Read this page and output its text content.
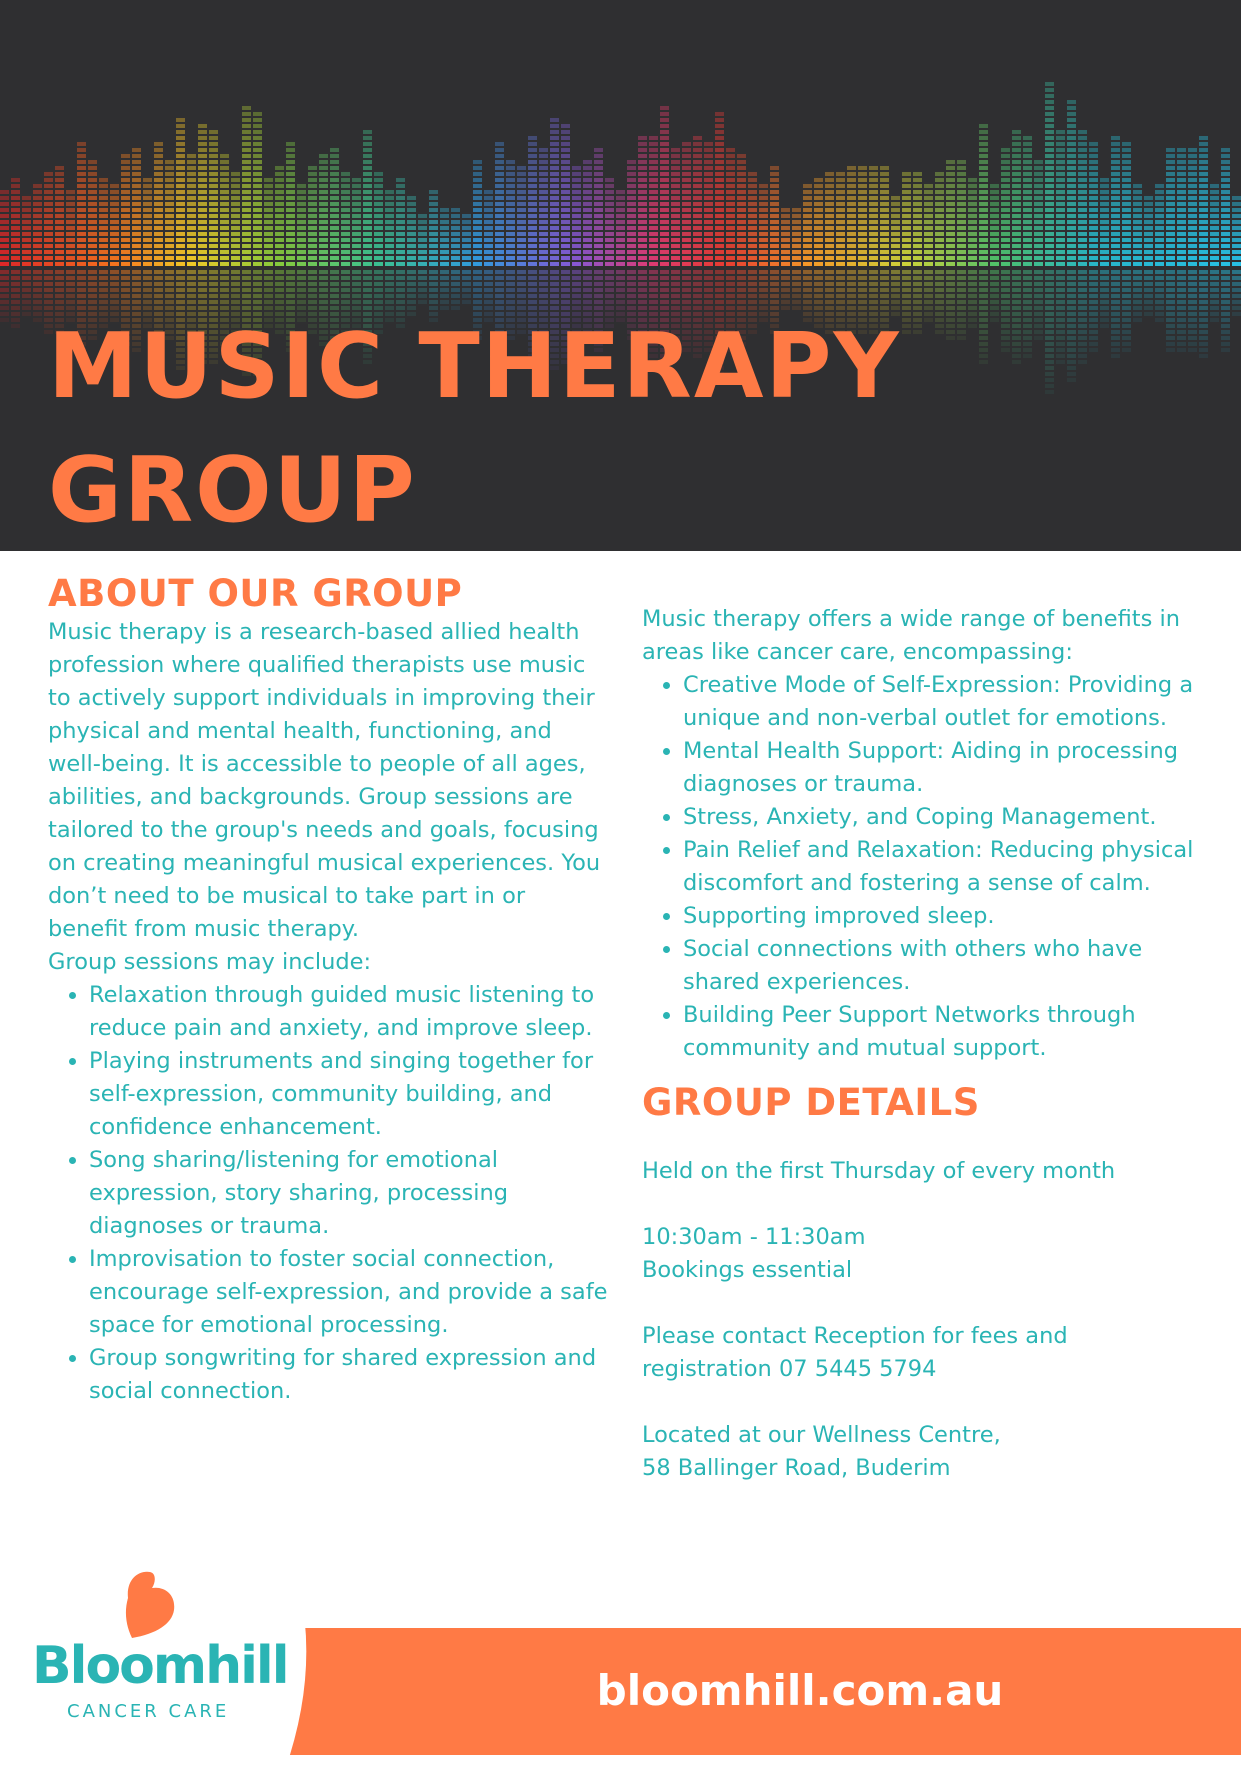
MUSIC THERAPY
GROUP
ABOUT OUR GROUP

Music therapy is a research-based allied health profession where qualified therapists use music to actively support individuals in improving their physical and mental health, functioning, and well-being. It is accessible to people of all ages, abilities, and backgrounds. Group sessions are tailored to the group's needs and goals, focusing on creating meaningful musical experiences. You don’t need to be musical to take part in or benefit from music therapy.

Group sessions may include:

• Relaxation through guided music listening to reduce pain and anxiety, and improve sleep.
• Playing instruments and singing together for self-expression, community building, and confidence enhancement.
• Song sharing/listening for emotional expression, story sharing, processing diagnoses or trauma.
• Improvisation to foster social connection, encourage self-expression, and provide a safe space for emotional processing.
• Group songwriting for shared expression and social connection.

Music therapy offers a wide range of benefits in areas like cancer care, encompassing:

• Creative Mode of Self-Expression: Providing a unique and non-verbal outlet for emotions.
• Mental Health Support: Aiding in processing diagnoses or trauma.
• Stress, Anxiety, and Coping Management.
• Pain Relief and Relaxation: Reducing physical discomfort and fostering a sense of calm.
• Supporting improved sleep.
• Social connections with others who have shared experiences.
• Building Peer Support Networks through community and mutual support.
GROUP DETAILS

Held on the first Thursday of every month

10:30am - 11:30am

Bookings essential

Please contact Reception for fees and

registration 07 5445 5794

Located at our Wellness Centre,

58 Ballinger Road, Buderim

bloomhill.com.au
Bloomhill
CANCER CARE
